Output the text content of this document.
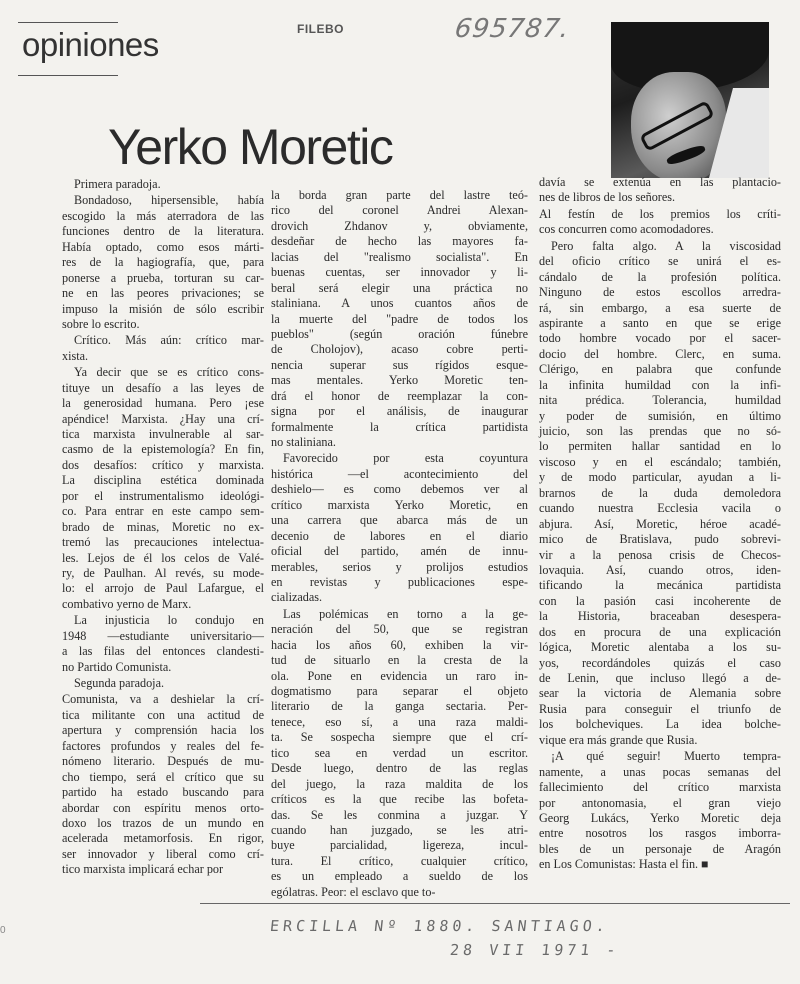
opiniones	FILEBO	695787.
Yerko Moretic
Primera paradoja.
Bondadoso, hipersensible, había
escogido la más aterradora de las
funciones dentro de la literatura.
Había optado, como esos márti-
res de la hagiografía, que, para
ponerse a prueba, torturan su car-
ne en las peores privaciones; se
impuso la misión de sólo escribir
sobre lo escrito.
Crítico. Más aún: crítico mar-
xista.
Ya decir que se es crítico cons-
tituye un desafío a las leyes de
la generosidad humana. Pero ¡ese
apéndice! Marxista. ¿Hay una crí-
tica marxista invulnerable al sar-
casmo de la epistemología? En fin,
dos desafíos: crítico y marxista.
La disciplina estética dominada
por el instrumentalismo ideológi-
co. Para entrar en este campo sem-
brado de minas, Moretic no ex-
tremó las precauciones intelectua-
les. Lejos de él los celos de Valé-
ry, de Paulhan. Al revés, su mode-
lo: el arrojo de Paul Lafargue, el
combativo yerno de Marx.
La injusticia lo condujo en
1948 —estudiante universitario—
a las filas del entonces clandesti-
no Partido Comunista.
Segunda paradoja.
Comunista, va a deshielar la crí-
tica militante con una actitud de
apertura y comprensión hacia los
factores profundos y reales del fe-
nómeno literario. Después de mu-
cho tiempo, será el crítico que su
partido ha estado buscando para
abordar con espíritu menos orto-
doxo los trazos de un mundo en
acelerada metamorfosis. En rigor,
ser innovador y liberal como crí-
tico marxista implicará echar por
la borda gran parte del lastre teó-
rico del coronel Andrei Alexan-
drovich Zhdanov y, obviamente,
desdeñar de hecho las mayores fa-
lacias del "realismo socialista". En
buenas cuentas, ser innovador y li-
beral será elegir una práctica no
staliniana. A unos cuantos años de
la muerte del "padre de todos los
pueblos" (según oración fúnebre
de Cholojov), acaso cobre perti-
nencia superar sus rígidos esque-
mas mentales. Yerko Moretic ten-
drá el honor de reemplazar la con-
signa por el análisis, de inaugurar
formalmente la crítica partidista
no staliniana.
Favorecido por esta coyuntura
histórica —el acontecimiento del
deshielo— es como debemos ver al
crítico marxista Yerko Moretic, en
una carrera que abarca más de un
decenio de labores en el diario
oficial del partido, amén de innu-
merables, serios y prolijos estudios
en revistas y publicaciones espe-
cializadas.
Las polémicas en torno a la ge-
neración del 50, que se registran
hacia los años 60, exhiben la vir-
tud de situarlo en la cresta de la
ola. Pone en evidencia un raro in-
dogmatismo para separar el objeto
literario de la ganga sectaria. Per-
tenece, eso sí, a una raza maldi-
ta. Se sospecha siempre que el crí-
tico sea en verdad un escritor.
Desde luego, dentro de las reglas
del juego, la raza maldita de los
críticos es la que recibe las bofeta-
das. Se les conmina a juzgar. Y
cuando han juzgado, se les atri-
buye parcialidad, ligereza, incul-
tura. El crítico, cualquier crítico,
es un empleado a sueldo de los
ególatras. Peor: el esclavo que to-
davía se extenúa en las plantacio-
nes de libros de los señores.
Al festín de los premios los críti-
cos concurren como acomodadores.
Pero falta algo. A la viscosidad
del oficio crítico se unirá el es-
cándalo de la profesión política.
Ninguno de estos escollos arredra-
rá, sin embargo, a esa suerte de
aspirante a santo en que se erige
todo hombre vocado por el sacer-
docio del hombre. Clerc, en suma.
Clérigo, en palabra que confunde
la infinita humildad con la infi-
nita prédica. Tolerancia, humildad
y poder de sumisión, en último
juicio, son las prendas que no só-
lo permiten hallar santidad en lo
viscoso y en el escándalo; también,
y de modo particular, ayudan a li-
brarnos de la duda demoledora
cuando nuestra Ecclesia vacila o
abjura. Así, Moretic, héroe acadé-
mico de Bratislava, pudo sobrevi-
vir a la penosa crisis de Checos-
lovaquia. Así, cuando otros, iden-
tificando la mecánica partidista
con la pasión casi incoherente de
la Historia, braceaban desespera-
dos en procura de una explicación
lógica, Moretic alentaba a los su-
yos, recordándoles quizás el caso
de Lenin, que incluso llegó a de-
sear la victoria de Alemania sobre
Rusia para conseguir el triunfo de
los bolcheviques. La idea bolche-
vique era más grande que Rusia.
¡A qué seguir! Muerto tempra-
namente, a unas pocas semanas del
fallecimiento del crítico marxista
por antonomasia, el gran viejo
Georg Lukács, Yerko Moretic deja
entre nosotros los rasgos imborra-
bles de un personaje de Aragón
en Los Comunistas: Hasta el fin. ■
ERCILLA Nº 1880. SANTIAGO.
28 VII 1971 -
0
